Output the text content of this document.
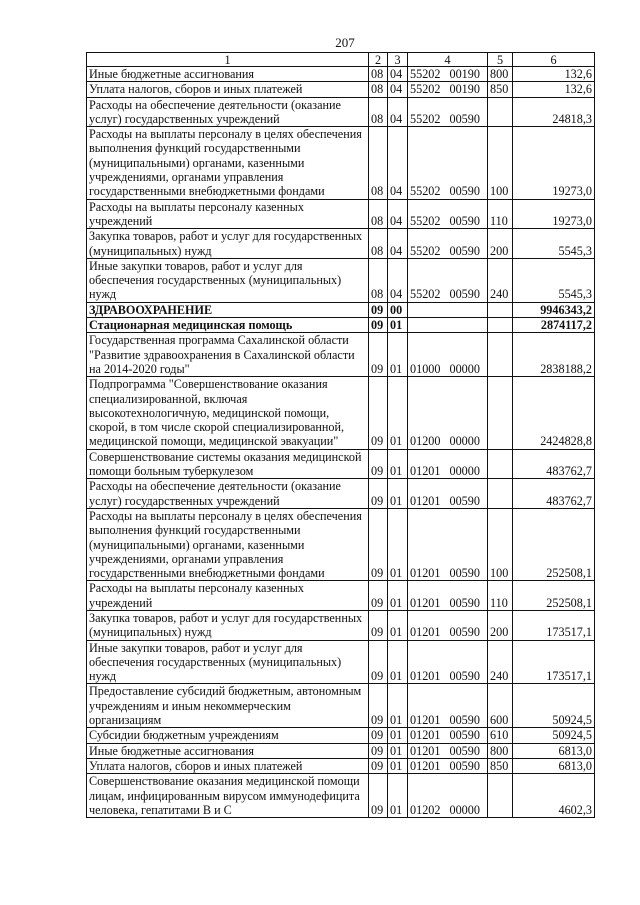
207
1	2	3	4	5	6
Иные бюджетные ассигнования	08	04	55202 00190	800	132,6
Уплата налогов, сборов и иных платежей	08	04	55202 00190	850	132,6
Расходы на обеспечение деятельности (оказание услуг) государственных учреждений	08	04	55202 00590		24818,3
Расходы на выплаты персоналу в целях обеспечения выполнения функций государственными (муниципальными) органами, казенными учреждениями, органами управления государственными внебюджетными фондами	08	04	55202 00590	100	19273,0
Расходы на выплаты персоналу казенных учреждений	08	04	55202 00590	110	19273,0
Закупка товаров, работ и услуг для государственных (муниципальных) нужд	08	04	55202 00590	200	5545,3
Иные закупки товаров, работ и услуг для обеспечения государственных (муниципальных) нужд	08	04	55202 00590	240	5545,3
ЗДРАВООХРАНЕНИЕ	09	00			9946343,2
Стационарная медицинская помощь	09	01			2874117,2
Государственная программа Сахалинской области "Развитие здравоохранения в Сахалинской области на 2014-2020 годы"	09	01	01000 00000		2838188,2
Подпрограмма "Совершенствование оказания специализированной, включая высокотехнологичную, медицинской помощи, скорой, в том числе скорой специализированной, медицинской помощи, медицинской эвакуации"	09	01	01200 00000		2424828,8
Совершенствование системы оказания медицинской помощи больным туберкулезом	09	01	01201 00000		483762,7
Расходы на обеспечение деятельности (оказание услуг) государственных учреждений	09	01	01201 00590		483762,7
Расходы на выплаты персоналу в целях обеспечения выполнения функций государственными (муниципальными) органами, казенными учреждениями, органами управления государственными внебюджетными фондами	09	01	01201 00590	100	252508,1
Расходы на выплаты персоналу казенных учреждений	09	01	01201 00590	110	252508,1
Закупка товаров, работ и услуг для государственных (муниципальных) нужд	09	01	01201 00590	200	173517,1
Иные закупки товаров, работ и услуг для обеспечения государственных (муниципальных) нужд	09	01	01201 00590	240	173517,1
Предоставление субсидий бюджетным, автономным учреждениям и иным некоммерческим организациям	09	01	01201 00590	600	50924,5
Субсидии бюджетным учреждениям	09	01	01201 00590	610	50924,5
Иные бюджетные ассигнования	09	01	01201 00590	800	6813,0
Уплата налогов, сборов и иных платежей	09	01	01201 00590	850	6813,0
Совершенствование оказания медицинской помощи лицам, инфицированным вирусом иммунодефицита человека, гепатитами В и С	09	01	01202 00000		4602,3
